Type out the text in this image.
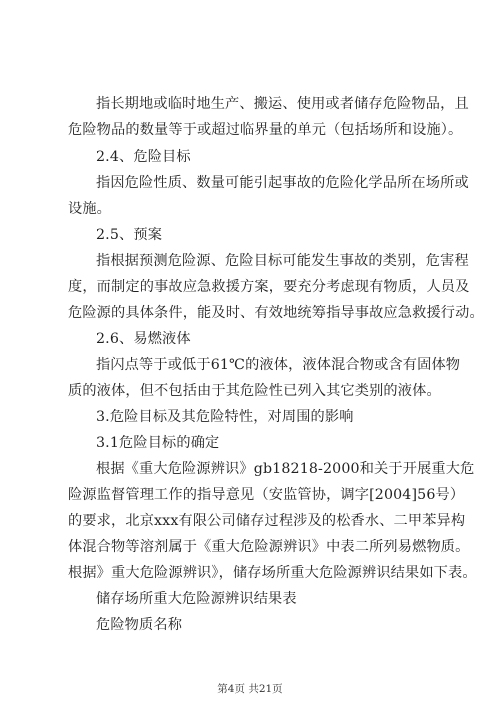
指长期地或临时地生产、搬运、使用或者储存危险物品，且
危险物品的数量等于或超过临界量的单元（包括场所和设施）。
2.4、危险目标
指因危险性质、数量可能引起事故的危险化学品所在场所或
设施。
2.5、预案
指根据预测危险源、危险目标可能发生事故的类别，危害程
度，而制定的事故应急救援方案，要充分考虑现有物质，人员及
危险源的具体条件，能及时、有效地统筹指导事故应急救援行动。
2.6、易燃液体
指闪点等于或低于61℃的液体，液体混合物或含有固体物
质的液体，但不包括由于其危险性已列入其它类别的液体。
3.危险目标及其危险特性，对周围的影响
3.1危险目标的确定
根据《重大危险源辨识》gb18218-2000和关于开展重大危
险源监督管理工作的指导意见（安监管协，调字[2004]56号）
的要求，北京xxx有限公司储存过程涉及的松香水、二甲苯异构
体混合物等溶剂属于《重大危险源辨识》中表二所列易燃物质。
根据》重大危险源辨识》，储存场所重大危险源辨识结果如下表。
储存场所重大危险源辨识结果表
危险物质名称
第4页 共21页
